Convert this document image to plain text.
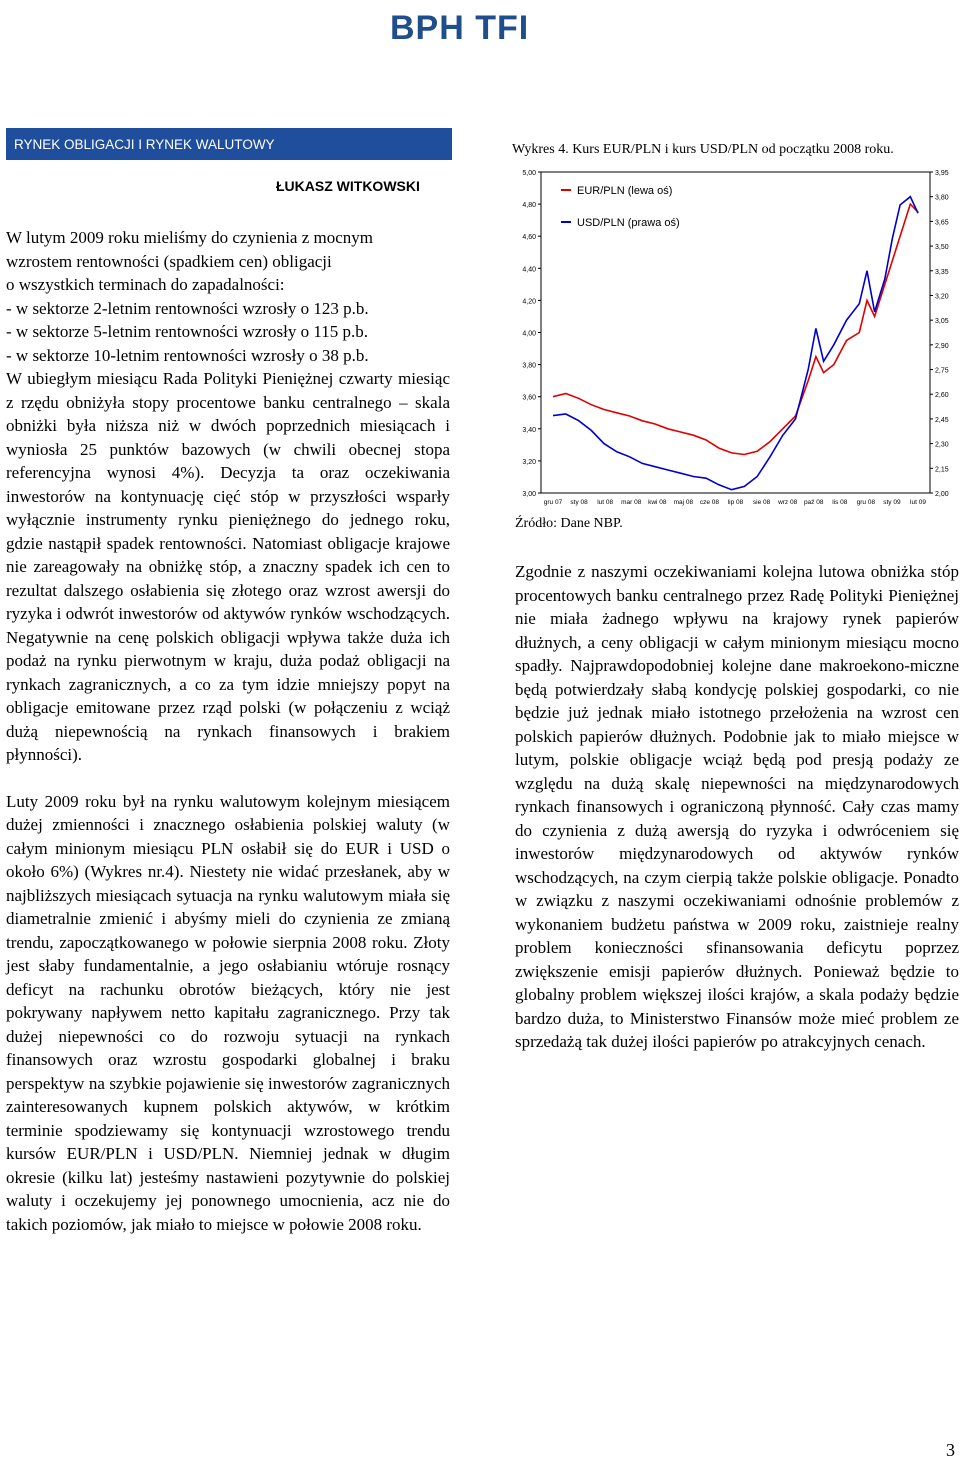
BPH TFI
RYNEK OBLIGACJI I RYNEK WALUTOWY
ŁUKASZ WITKOWSKI
W lutym 2009 roku mieliśmy do czynienia z mocnym
wzrostem rentowności (spadkiem cen) obligacji
o wszystkich terminach do zapadalności:
- w sektorze 2-letnim rentowności wzrosły o 123 p.b.
- w sektorze 5-letnim rentowności wzrosły o 115 p.b.
- w sektorze 10-letnim rentowności wzrosły o 38 p.b.

W ubiegłym miesiącu Rada Polityki Pieniężnej czwarty miesiąc z rzędu obniżyła stopy procentowe banku centralnego – skala obniżki była niższa niż w dwóch poprzednich miesiącach i wyniosła 25 punktów bazowych (w chwili obecnej stopa referencyjna wynosi 4%). Decyzja ta oraz oczekiwania inwestorów na kontynuację cięć stóp w przyszłości wsparły wyłącznie instrumenty rynku pieniężnego do jednego roku, gdzie nastąpił spadek rentowności. Natomiast obligacje krajowe nie zareagowały na obniżkę stóp, a znaczny spadek ich cen to rezultat dalszego osłabienia się złotego oraz wzrost awersji do ryzyka i odwrót inwestorów od aktywów rynków wschodzących. Negatywnie na cenę polskich obligacji wpływa także duża ich podaż na rynku pierwotnym w kraju, duża podaż obligacji na rynkach zagranicznych, a co za tym idzie mniejszy popyt na obligacje emitowane przez rząd polski (w połączeniu z wciąż dużą niepewnością na rynkach finansowych i brakiem płynności).

Luty 2009 roku był na rynku walutowym kolejnym miesiącem dużej zmienności i znacznego osłabienia polskiej waluty (w całym minionym miesiącu PLN osłabił się do EUR i USD o około 6%) (Wykres nr.4). Niestety nie widać przesłanek, aby w najbliższych miesiącach sytuacja na rynku walutowym miała się diametralnie zmienić i abyśmy mieli do czynienia ze zmianą trendu, zapoczątkowanego w połowie sierpnia 2008 roku. Złoty jest słaby fundamentalnie, a jego osłabianiu wtóruje rosnący deficyt na rachunku obrotów bieżących, który nie jest pokrywany napływem netto kapitału zagranicznego. Przy tak dużej niepewności co do rozwoju sytuacji na rynkach finansowych oraz wzrostu gospodarki globalnej i braku perspektyw na szybkie pojawienie się inwestorów zagranicznych zainteresowanych kupnem polskich aktywów, w krótkim terminie spodziewamy się kontynuacji wzrostowego trendu kursów EUR/PLN i USD/PLN. Niemniej jednak w długim okresie (kilku lat) jesteśmy nastawieni pozytywnie do polskiej waluty i oczekujemy jej ponownego umocnienia, acz nie do takich poziomów, jak miało to miejsce w połowie 2008 roku.

Wykres 4. Kurs EUR/PLN i kurs USD/PLN od początku 2008 roku.
5,00
4,80
4,60
4,40
4,20
4,00
3,80
3,60
3,40
3,20
3,00
3,95
3,80
3,65
3,50
3,35
3,20
3,05
2,90
2,75
2,60
2,45
2,30
2,15
2,00
gru 07 sty 08 lut 08 mar 08 kwi 08 maj 08 cze 08 lip 08 sie 08 wrz 08 paź 08 lis 08 gru 08 sty 09 lut 09
EUR/PLN (lewa oś)
USD/PLN (prawa oś)
Źródło: Dane NBP.

Zgodnie z naszymi oczekiwaniami kolejna lutowa obniżka stóp procentowych banku centralnego przez Radę Polityki Pieniężnej nie miała żadnego wpływu na krajowy rynek papierów dłużnych, a ceny obligacji w całym minionym miesiącu mocno spadły. Najprawdopodobniej kolejne dane makroekono-miczne będą potwierdzały słabą kondycję polskiej gospodarki, co nie będzie już jednak miało istotnego przełożenia na wzrost cen polskich papierów dłużnych. Podobnie jak to miało miejsce w lutym, polskie obligacje wciąż będą pod presją podaży ze względu na dużą skalę niepewności na międzynarodowych rynkach finansowych i ograniczoną płynność. Cały czas mamy do czynienia z dużą awersją do ryzyka i odwróceniem się inwestorów międzynarodowych od aktywów rynków wschodzących, na czym cierpią także polskie obligacje. Ponadto w związku z naszymi oczekiwaniami odnośnie problemów z wykonaniem budżetu państwa w 2009 roku, zaistnieje realny problem konieczności sfinansowania deficytu poprzez zwiększenie emisji papierów dłużnych. Ponieważ będzie to globalny problem większej ilości krajów, a skala podaży będzie bardzo duża, to Ministerstwo Finansów może mieć problem ze sprzedażą tak dużej ilości papierów po atrakcyjnych cenach.

3
